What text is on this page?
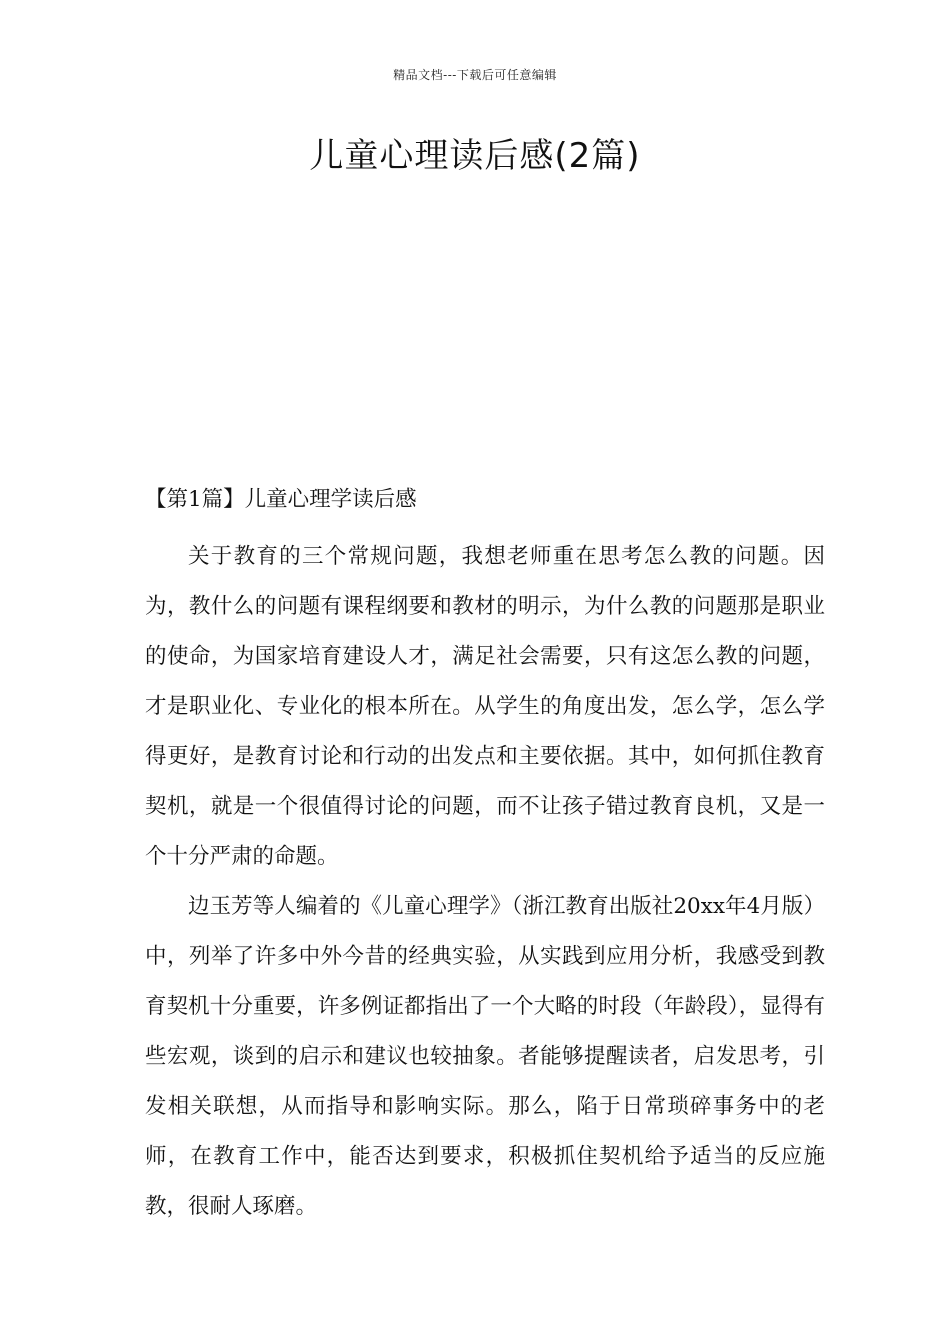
精品文档---下载后可任意编辑
儿童心理读后感(2篇)
【第1篇】儿童心理学读后感

关于教育的三个常规问题，我想老师重在思考怎么教的问题。因为，教什么的问题有课程纲要和教材的明示，为什么教的问题那是职业的使命，为国家培育建设人才，满足社会需要，只有这怎么教的问题，才是职业化、专业化的根本所在。从学生的角度出发，怎么学，怎么学得更好，是教育讨论和行动的出发点和主要依据。其中，如何抓住教育契机，就是一个很值得讨论的问题，而不让孩子错过教育良机，又是一个十分严肃的命题。

边玉芳等人编着的《儿童心理学》（浙江教育出版社20xx年4月版）中，列举了许多中外今昔的经典实验，从实践到应用分析，我感受到教育契机十分重要，许多例证都指出了一个大略的时段（年龄段），显得有些宏观，谈到的启示和建议也较抽象。者能够提醒读者，启发思考，引发相关联想，从而指导和影响实际。那么，陷于日常琐碎事务中的老师，在教育工作中，能否达到要求，积极抓住契机给予适当的反应施教，很耐人琢磨。
